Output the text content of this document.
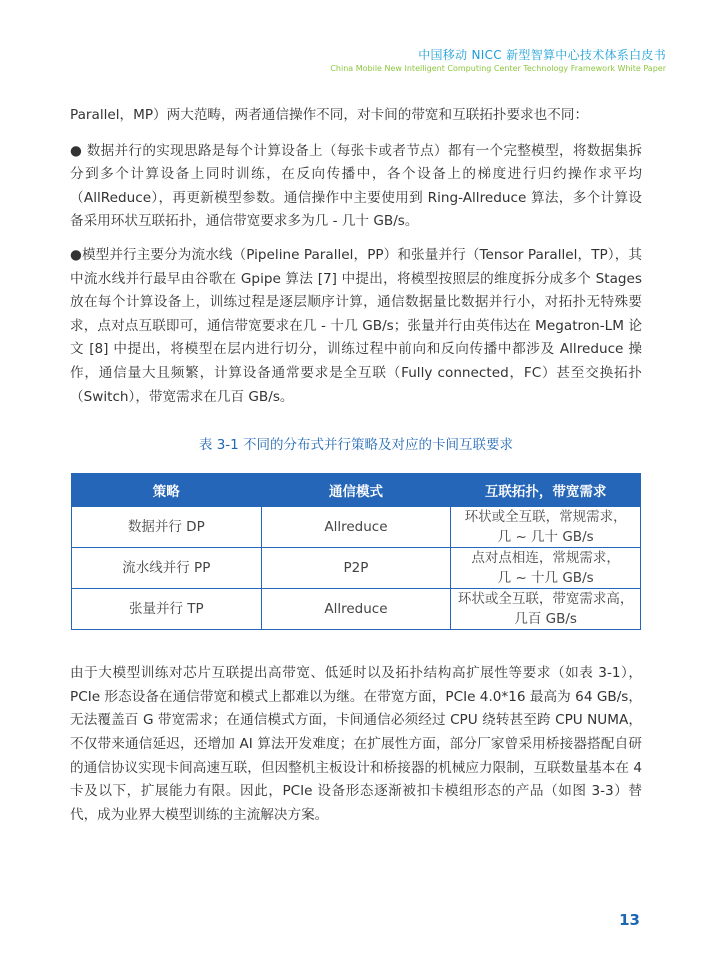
中国移动 NICC 新型智算中心技术体系白皮书
China Mobile New Intelligent Computing Center Technology Framework White Paper

Parallel，MP）两大范畴，两者通信操作不同，对卡间的带宽和互联拓扑要求也不同：

● 数据并行的实现思路是每个计算设备上（每张卡或者节点）都有一个完整模型，将数据集拆分到多个计算设备上同时训练，在反向传播中，各个设备上的梯度进行归约操作求平均（AllReduce），再更新模型参数。通信操作中主要使用到 Ring-Allreduce 算法，多个计算设备采用环状互联拓扑，通信带宽要求多为几 - 几十 GB/s。

●模型并行主要分为流水线（Pipeline Parallel，PP）和张量并行（Tensor Parallel，TP），其中流水线并行最早由谷歌在 Gpipe 算法 [7] 中提出，将模型按照层的维度拆分成多个 Stages 放在每个计算设备上，训练过程是逐层顺序计算，通信数据量比数据并行小，对拓扑无特殊要求，点对点互联即可，通信带宽要求在几 - 十几 GB/s；张量并行由英伟达在 Megatron-LM 论文 [8] 中提出，将模型在层内进行切分，训练过程中前向和反向传播中都涉及 Allreduce 操作，通信量大且频繁，计算设备通常要求是全互联（Fully connected，FC）甚至交换拓扑（Switch），带宽需求在几百 GB/s。

表 3-1 不同的分布式并行策略及对应的卡间互联要求
策略	通信模式	互联拓扑，带宽需求
数据并行 DP	Allreduce	环状或全互联，常规需求，
几 ~ 几十 GB/s

流水线并行 PP	P2P	点对点相连，常规需求，
几 ~ 十几 GB/s

张量并行 TP	Allreduce	环状或全互联，带宽需求高，
几百 GB/s

由于大模型训练对芯片互联提出高带宽、低延时以及拓扑结构高扩展性等要求（如表 3-1），PCIe 形态设备在通信带宽和模式上都难以为继。在带宽方面，PCIe 4.0*16 最高为 64 GB/s，无法覆盖百 G 带宽需求；在通信模式方面，卡间通信必须经过 CPU 绕转甚至跨 CPU NUMA，不仅带来通信延迟，还增加 AI 算法开发难度；在扩展性方面，部分厂家曾采用桥接器搭配自研的通信协议实现卡间高速互联，但因整机主板设计和桥接器的机械应力限制，互联数量基本在 4 卡及以下，扩展能力有限。因此，PCIe 设备形态逐渐被扣卡模组形态的产品（如图 3-3）替代，成为业界大模型训练的主流解决方案。

13
